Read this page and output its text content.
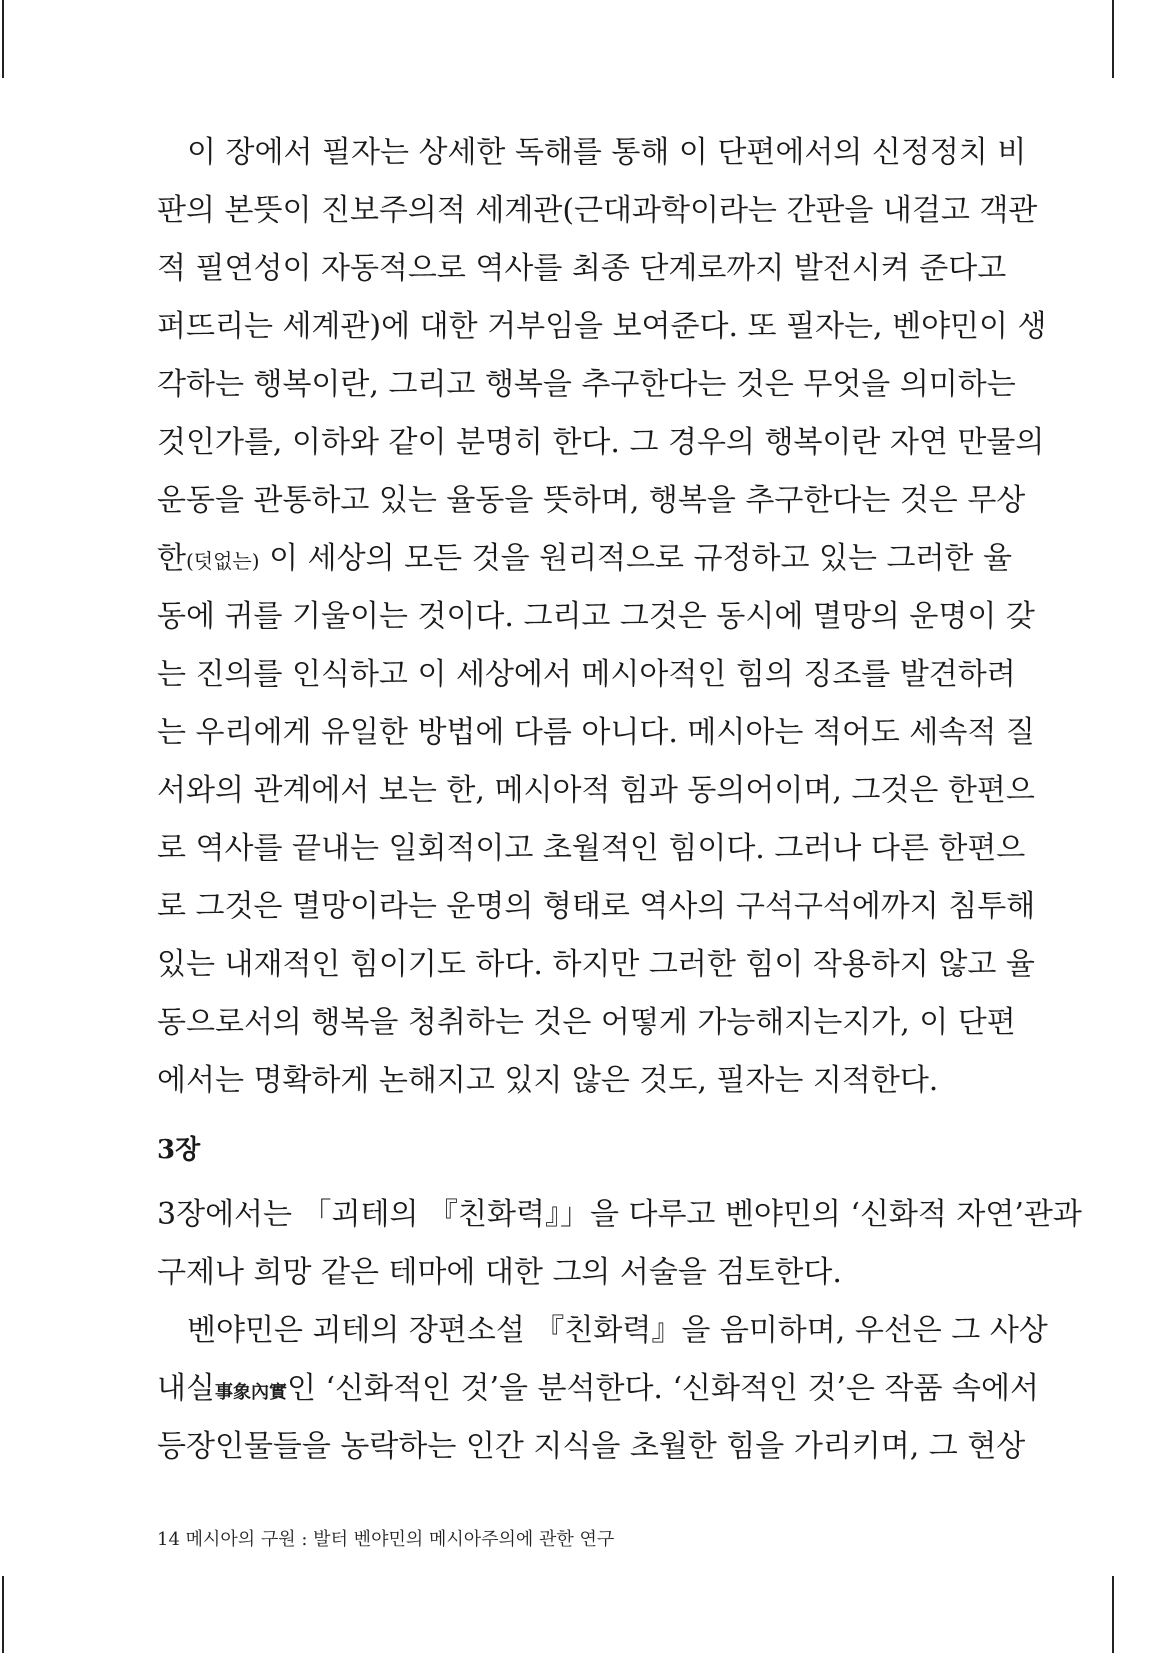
이 장에서 필자는 상세한 독해를 통해 이 단편에서의 신정정치 비
판의 본뜻이 진보주의적 세계관(근대과학이라는 간판을 내걸고 객관
적 필연성이 자동적으로 역사를 최종 단계로까지 발전시켜 준다고
퍼뜨리는 세계관)에 대한 거부임을 보여준다. 또 필자는, 벤야민이 생
각하는 행복이란, 그리고 행복을 추구한다는 것은 무엇을 의미하는
것인가를, 이하와 같이 분명히 한다. 그 경우의 행복이란 자연 만물의
운동을 관통하고 있는 율동을 뜻하며, 행복을 추구한다는 것은 무상
한(덧없는) 이 세상의 모든 것을 원리적으로 규정하고 있는 그러한 율
동에 귀를 기울이는 것이다. 그리고 그것은 동시에 멸망의 운명이 갖
는 진의를 인식하고 이 세상에서 메시아적인 힘의 징조를 발견하려
는 우리에게 유일한 방법에 다름 아니다. 메시아는 적어도 세속적 질
서와의 관계에서 보는 한, 메시아적 힘과 동의어이며, 그것은 한편으
로 역사를 끝내는 일회적이고 초월적인 힘이다. 그러나 다른 한편으
로 그것은 멸망이라는 운명의 형태로 역사의 구석구석에까지 침투해
있는 내재적인 힘이기도 하다. 하지만 그러한 힘이 작용하지 않고 율
동으로서의 행복을 청취하는 것은 어떻게 가능해지는지가, 이 단편
에서는 명확하게 논해지고 있지 않은 것도, 필자는 지적한다.
3장
3장에서는 「괴테의 『친화력』」을 다루고 벤야민의 ‘신화적 자연’관과
구제나 희망 같은 테마에 대한 그의 서술을 검토한다.
벤야민은 괴테의 장편소설 『친화력』을 음미하며, 우선은 그 사상
내실事象內實인 ‘신화적인 것’을 분석한다. ‘신화적인 것’은 작품 속에서
등장인물들을 농락하는 인간 지식을 초월한 힘을 가리키며, 그 현상
14 메시아의 구원 : 발터 벤야민의 메시아주의에 관한 연구
